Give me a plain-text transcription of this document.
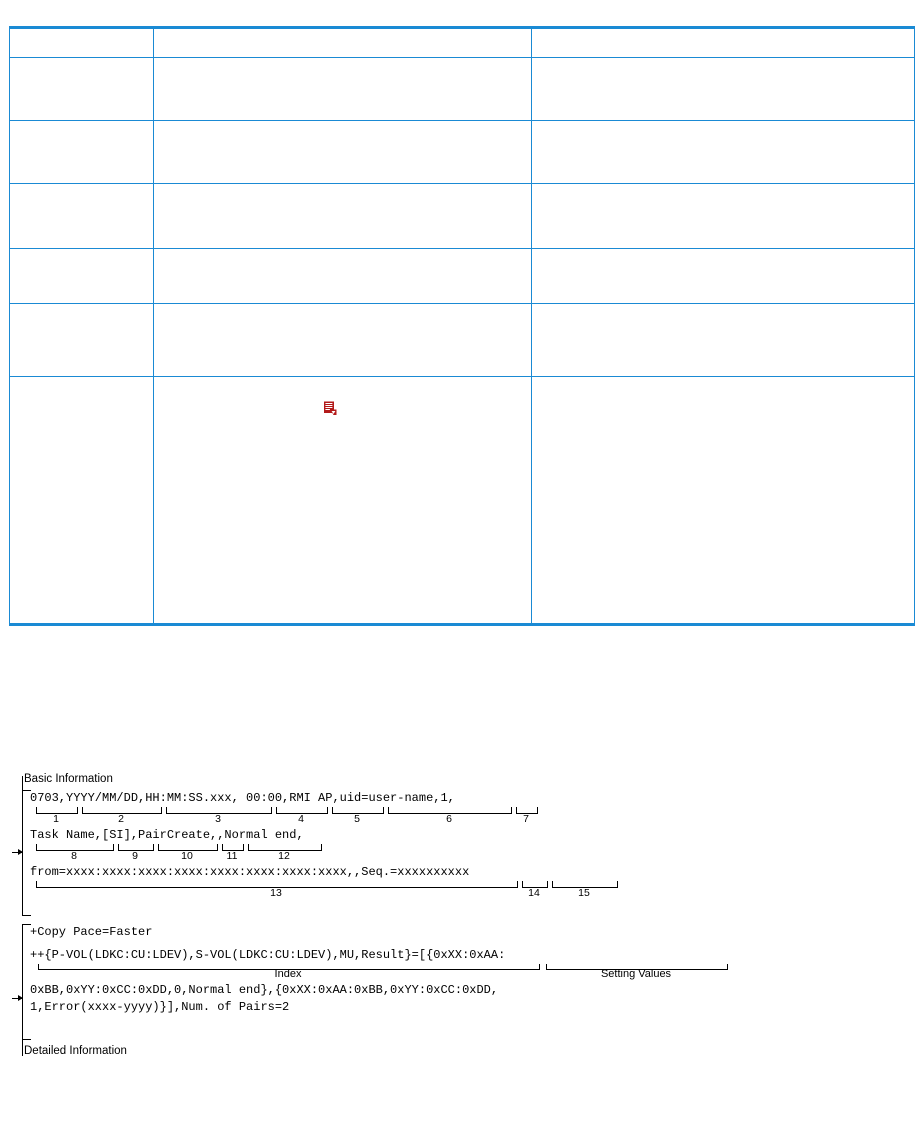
Basic Information
0703,YYYY/MM/DD,HH:MM:SS.xxx, 00:00,RMI AP,uid=user-name,1,
1	2	3	4	5	6	7
Task Name,[SI],PairCreate,,Normal end,
8	9	10	11	12
from=xxxx:xxxx:xxxx:xxxx:xxxx:xxxx:xxxx:xxxx,,Seq.=xxxxxxxxxx
13	14	15
+Copy Pace=Faster
++{P-VOL(LDKC:CU:LDEV),S-VOL(LDKC:CU:LDEV),MU,Result}=[{0xXX:0xAA:
Index	Setting Values
0xBB,0xYY:0xCC:0xDD,0,Normal end},{0xXX:0xAA:0xBB,0xYY:0xCC:0xDD,
1,Error(xxxx-yyyy)}],Num. of Pairs=2
Detailed Information
